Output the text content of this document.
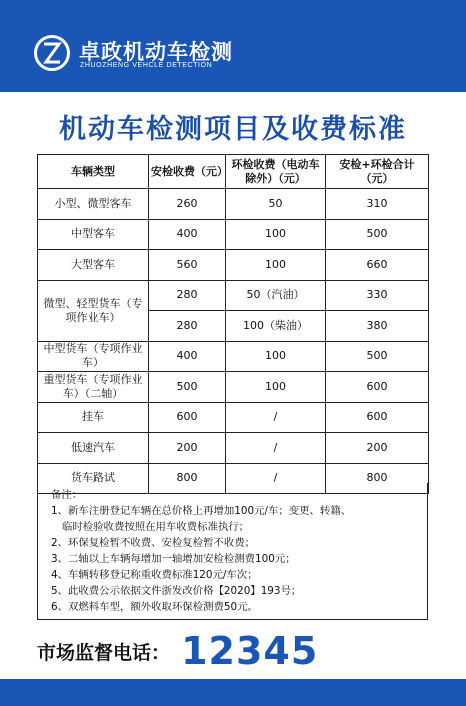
卓政机动车检测
ZHUOZHENG VEHCLE DETECTION
机动车检测项目及收费标准
车辆类型	安检收费（元）	环检收费（电动车除外）（元）	安检+环检合计（元）
小型、微型客车	260	50	310
中型客车	400	100	500
大型客车	560	100	660
微型、轻型货车（专项作业车）	280	50（汽油）	330
	280	100（柴油）	380
中型货车（专项作业车）	400	100	500
重型货车（专项作业车）（二轴）	500	100	600
挂车	600	/	600
低速汽车	200	/	200
货车路试	800	/	800
备注：
1、新车注册登记车辆在总价格上再增加100元/车；变更、转籍、
临时检验收费按照在用车收费标准执行；
2、环保复检暂不收费、安检复检暂不收费；
3、二轴以上车辆每增加一轴增加安检检测费100元；
4、车辆转移登记称重收费标准120元/车次；
5、此收费公示依据文件浙发改价格【2020】193号；
6、双燃料车型，额外收取环保检测费50元。
市场监督电话： 12345
